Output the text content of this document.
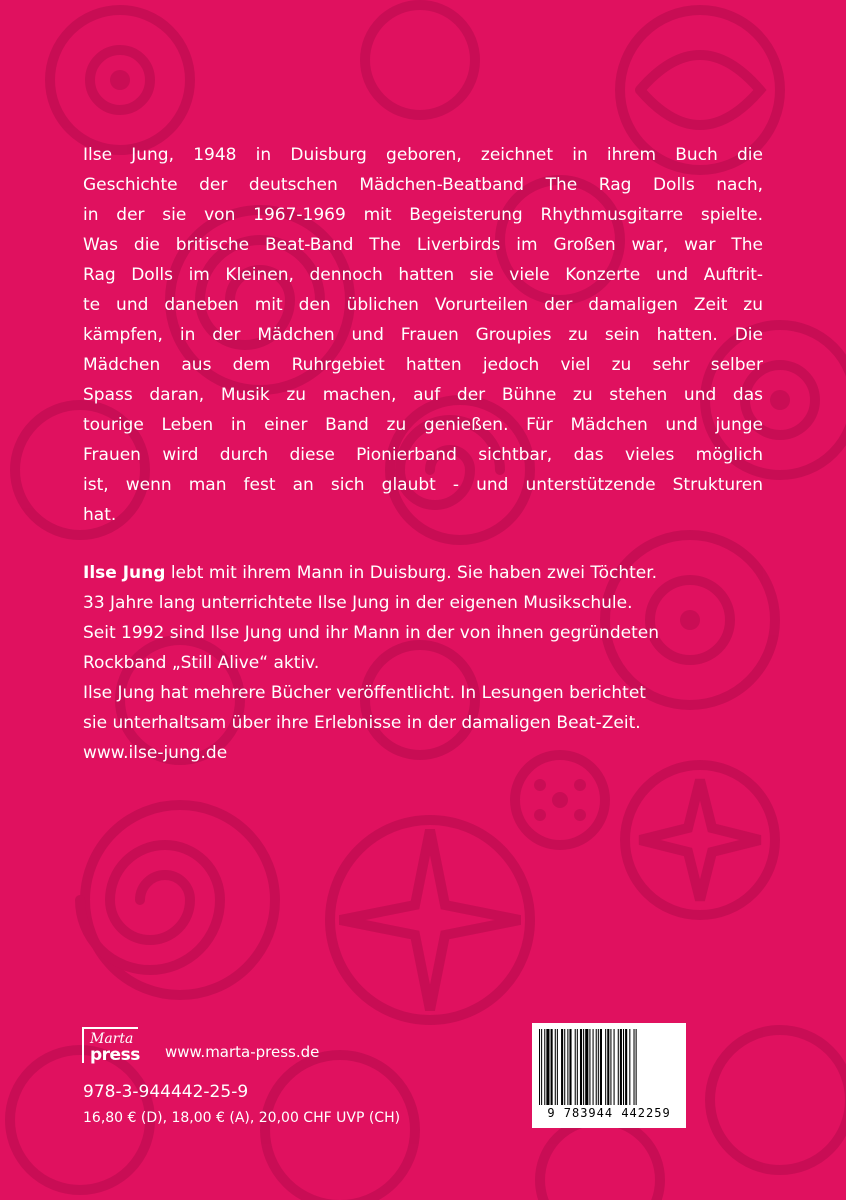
Ilse Jung, 1948 in Duisburg geboren, zeichnet in ihrem Buch die
Geschichte der deutschen Mädchen-Beatband The Rag Dolls nach,
in der sie von 1967-1969 mit Begeisterung Rhythmusgitarre spielte.
Was die britische Beat-Band The Liverbirds im Großen war, war The
Rag Dolls im Kleinen, dennoch hatten sie viele Konzerte und Auftrit-
te und daneben mit den üblichen Vorurteilen der damaligen Zeit zu
kämpfen, in der Mädchen und Frauen Groupies zu sein hatten. Die
Mädchen aus dem Ruhrgebiet hatten jedoch viel zu sehr selber
Spass daran, Musik zu machen, auf der Bühne zu stehen und das
tourige Leben in einer Band zu genießen. Für Mädchen und junge
Frauen wird durch diese Pionierband sichtbar, das vieles möglich
ist, wenn man fest an sich glaubt - und unterstützende Strukturen
hat.

Ilse Jung lebt mit ihrem Mann in Duisburg. Sie haben zwei Töchter.
33 Jahre lang unterrichtete Ilse Jung in der eigenen Musikschule.
Seit 1992 sind Ilse Jung und ihr Mann in der von ihnen gegründeten
Rockband „Still Alive“ aktiv.
Ilse Jung hat mehrere Bücher veröffentlicht. In Lesungen berichtet
sie unterhaltsam über ihre Erlebnisse in der damaligen Beat-Zeit.
www.ilse-jung.de

Marta
press www.marta-press.de
978-3-944442-25-9
16,80 € (D), 18,00 € (A), 20,00 CHF UVP (CH)	9 783944 442259
